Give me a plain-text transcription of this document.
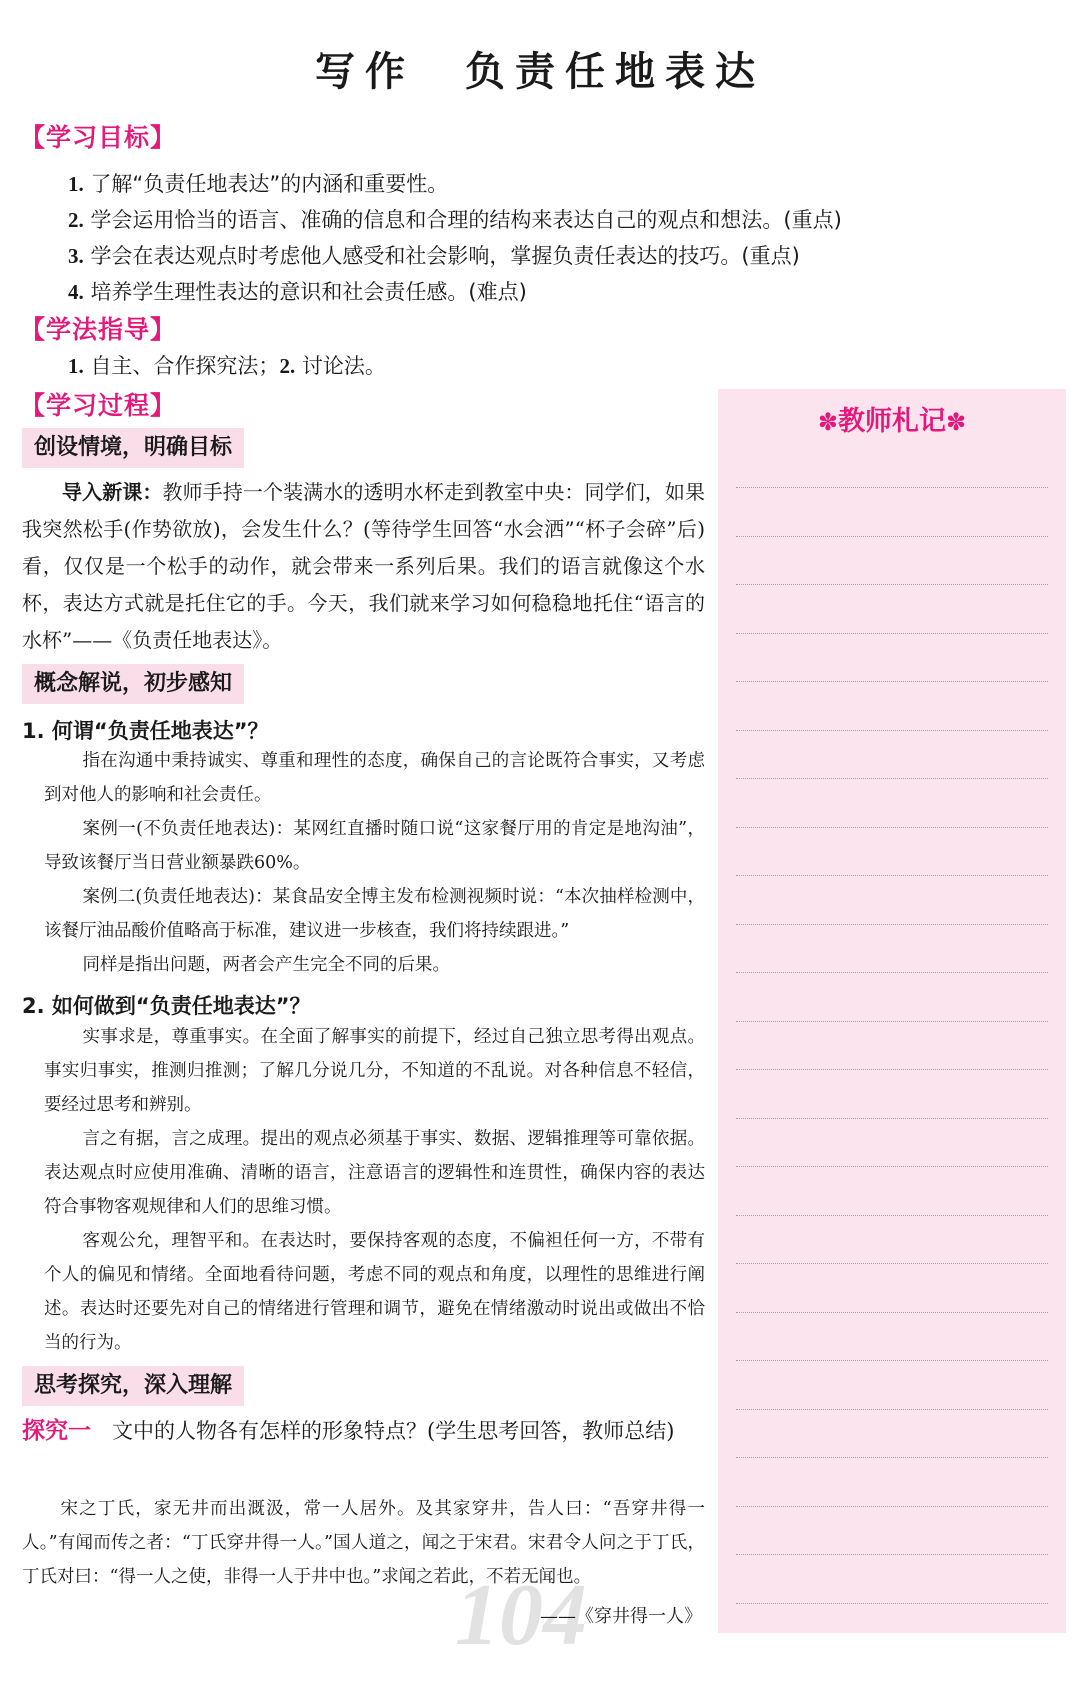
写作　负责任地表达
【学习目标】
1. 了解“负责任地表达”的内涵和重要性。
2. 学会运用恰当的语言、准确的信息和合理的结构来表达自己的观点和想法。(重点)
3. 学会在表达观点时考虑他人感受和社会影响，掌握负责任表达的技巧。(重点)
4. 培养学生理性表达的意识和社会责任感。(难点)
【学法指导】
1. 自主、合作探究法；2. 讨论法。
【学习过程】
创设情境，明确目标
导入新课：教师手持一个装满水的透明水杯走到教室中央：同学们，如果我突然松手(作势欲放)，会发生什么？(等待学生回答“水会洒”“杯子会碎”后)看，仅仅是一个松手的动作，就会带来一系列后果。我们的语言就像这个水杯，表达方式就是托住它的手。今天，我们就来学习如何稳稳地托住“语言的水杯”——《负责任地表达》。
概念解说，初步感知
1. 何谓“负责任地表达”？
指在沟通中秉持诚实、尊重和理性的态度，确保自己的言论既符合事实，又考虑到对他人的影响和社会责任。
案例一(不负责任地表达)：某网红直播时随口说“这家餐厅用的肯定是地沟油”，导致该餐厅当日营业额暴跌60%。
案例二(负责任地表达)：某食品安全博主发布检测视频时说：“本次抽样检测中，该餐厅油品酸价值略高于标准，建议进一步核查，我们将持续跟进。”
同样是指出问题，两者会产生完全不同的后果。
2. 如何做到“负责任地表达”？
实事求是，尊重事实。在全面了解事实的前提下，经过自己独立思考得出观点。事实归事实，推测归推测；了解几分说几分，不知道的不乱说。对各种信息不轻信，要经过思考和辨别。
言之有据，言之成理。提出的观点必须基于事实、数据、逻辑推理等可靠依据。表达观点时应使用准确、清晰的语言，注意语言的逻辑性和连贯性，确保内容的表达符合事物客观规律和人们的思维习惯。
客观公允，理智平和。在表达时，要保持客观的态度，不偏袒任何一方，不带有个人的偏见和情绪。全面地看待问题，考虑不同的观点和角度，以理性的思维进行阐述。表达时还要先对自己的情绪进行管理和调节，避免在情绪激动时说出或做出不恰当的行为。
思考探究，深入理解
探究一　 文中的人物各有怎样的形象特点？(学生思考回答，教师总结)
宋之丁氏，家无井而出溉汲，常一人居外。及其家穿井，告人曰：“吾穿井得一人。”有闻而传之者：“丁氏穿井得一人。”国人道之，闻之于宋君。宋君令人问之于丁氏，丁氏对曰：“得一人之使，非得一人于井中也。”求闻之若此，不若无闻也。
104
——《穿井得一人》
✽教师札记✽
